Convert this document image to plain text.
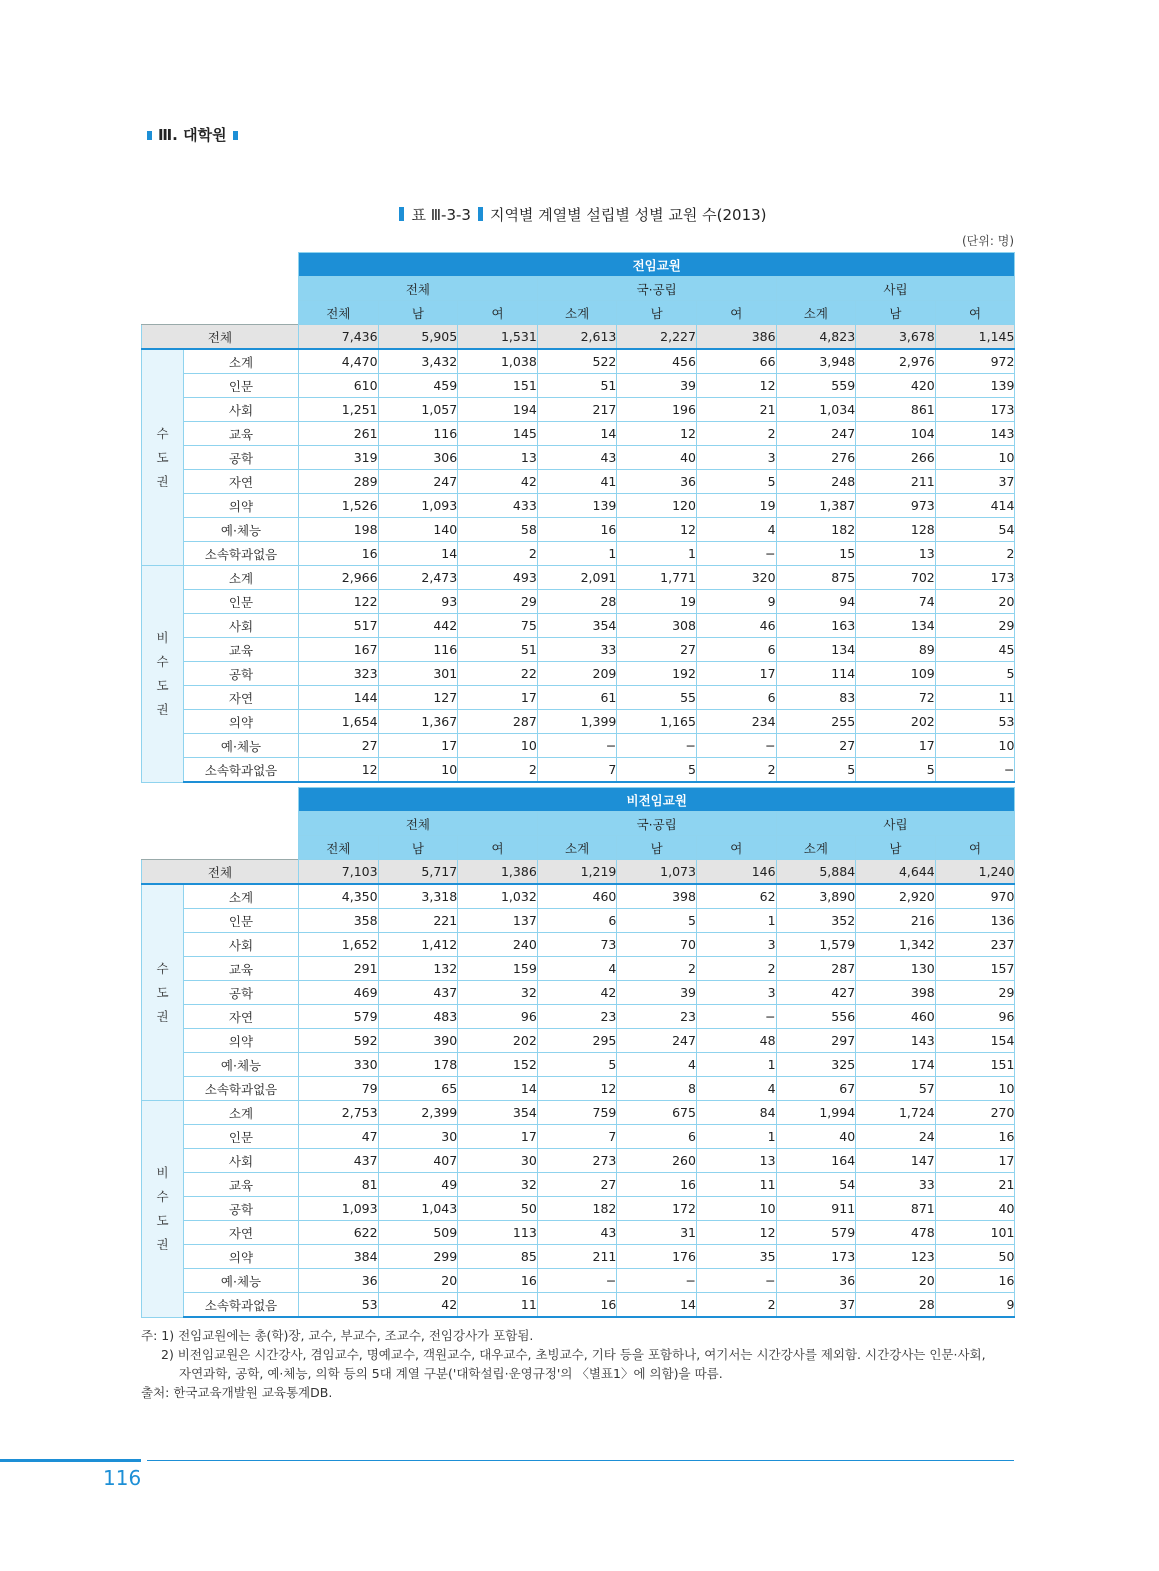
Ⅲ. 대학원
표 Ⅲ-3-3 지역별 계열별 설립별 성별 교원 수(2013)
(단위: 명)
		전임교원								
		전체			국·공립			사립		
		전체	남	여	소계	남	여	소계	남	여
전체		7,436	5,905	1,531	2,613	2,227	386	4,823	3,678	1,145

수
도
권	소계	4,470	3,432	1,038	522	456	66	3,948	2,976	972
	인문	610	459	151	51	39	12	559	420	139
	사회	1,251	1,057	194	217	196	21	1,034	861	173
	교육	261	116	145	14	12	2	247	104	143
	공학	319	306	13	43	40	3	276	266	10
	자연	289	247	42	41	36	5	248	211	37
	의약	1,526	1,093	433	139	120	19	1,387	973	414
	예·체능	198	140	58	16	12	4	182	128	54
	소속학과없음	16	14	2	1	1	−	15	13	2

비
수
도
권	소계	2,966	2,473	493	2,091	1,771	320	875	702	173
	인문	122	93	29	28	19	9	94	74	20
	사회	517	442	75	354	308	46	163	134	29
	교육	167	116	51	33	27	6	134	89	45
	공학	323	301	22	209	192	17	114	109	5
	자연	144	127	17	61	55	6	83	72	11
	의약	1,654	1,367	287	1,399	1,165	234	255	202	53
	예·체능	27	17	10	−	−	−	27	17	10
	소속학과없음	12	10	2	7	5	2	5	5	−
		비전임교원								
		전체			국·공립			사립		
		전체	남	여	소계	남	여	소계	남	여
전체		7,103	5,717	1,386	1,219	1,073	146	5,884	4,644	1,240

수
도
권	소계	4,350	3,318	1,032	460	398	62	3,890	2,920	970
	인문	358	221	137	6	5	1	352	216	136
	사회	1,652	1,412	240	73	70	3	1,579	1,342	237
	교육	291	132	159	4	2	2	287	130	157
	공학	469	437	32	42	39	3	427	398	29
	자연	579	483	96	23	23	−	556	460	96
	의약	592	390	202	295	247	48	297	143	154
	예·체능	330	178	152	5	4	1	325	174	151
	소속학과없음	79	65	14	12	8	4	67	57	10

비
수
도
권	소계	2,753	2,399	354	759	675	84	1,994	1,724	270
	인문	47	30	17	7	6	1	40	24	16
	사회	437	407	30	273	260	13	164	147	17
	교육	81	49	32	27	16	11	54	33	21
	공학	1,093	1,043	50	182	172	10	911	871	40
	자연	622	509	113	43	31	12	579	478	101
	의약	384	299	85	211	176	35	173	123	50
	예·체능	36	20	16	−	−	−	36	20	16
	소속학과없음	53	42	11	16	14	2	37	28	9
주: 1) 전임교원에는 총(학)장, 교수, 부교수, 조교수, 전임강사가 포함됨.
2) 비전임교원은 시간강사, 겸임교수, 명예교수, 객원교수, 대우교수, 초빙교수, 기타 등을 포함하나, 여기서는 시간강사를 제외함. 시간강사는 인문·사회,
자연과학, 공학, 예·체능, 의학 등의 5대 계열 구분('대학설립·운영규정'의 〈별표1〉에 의함)을 따름.
출처: 한국교육개발원 교육통계DB.
116
